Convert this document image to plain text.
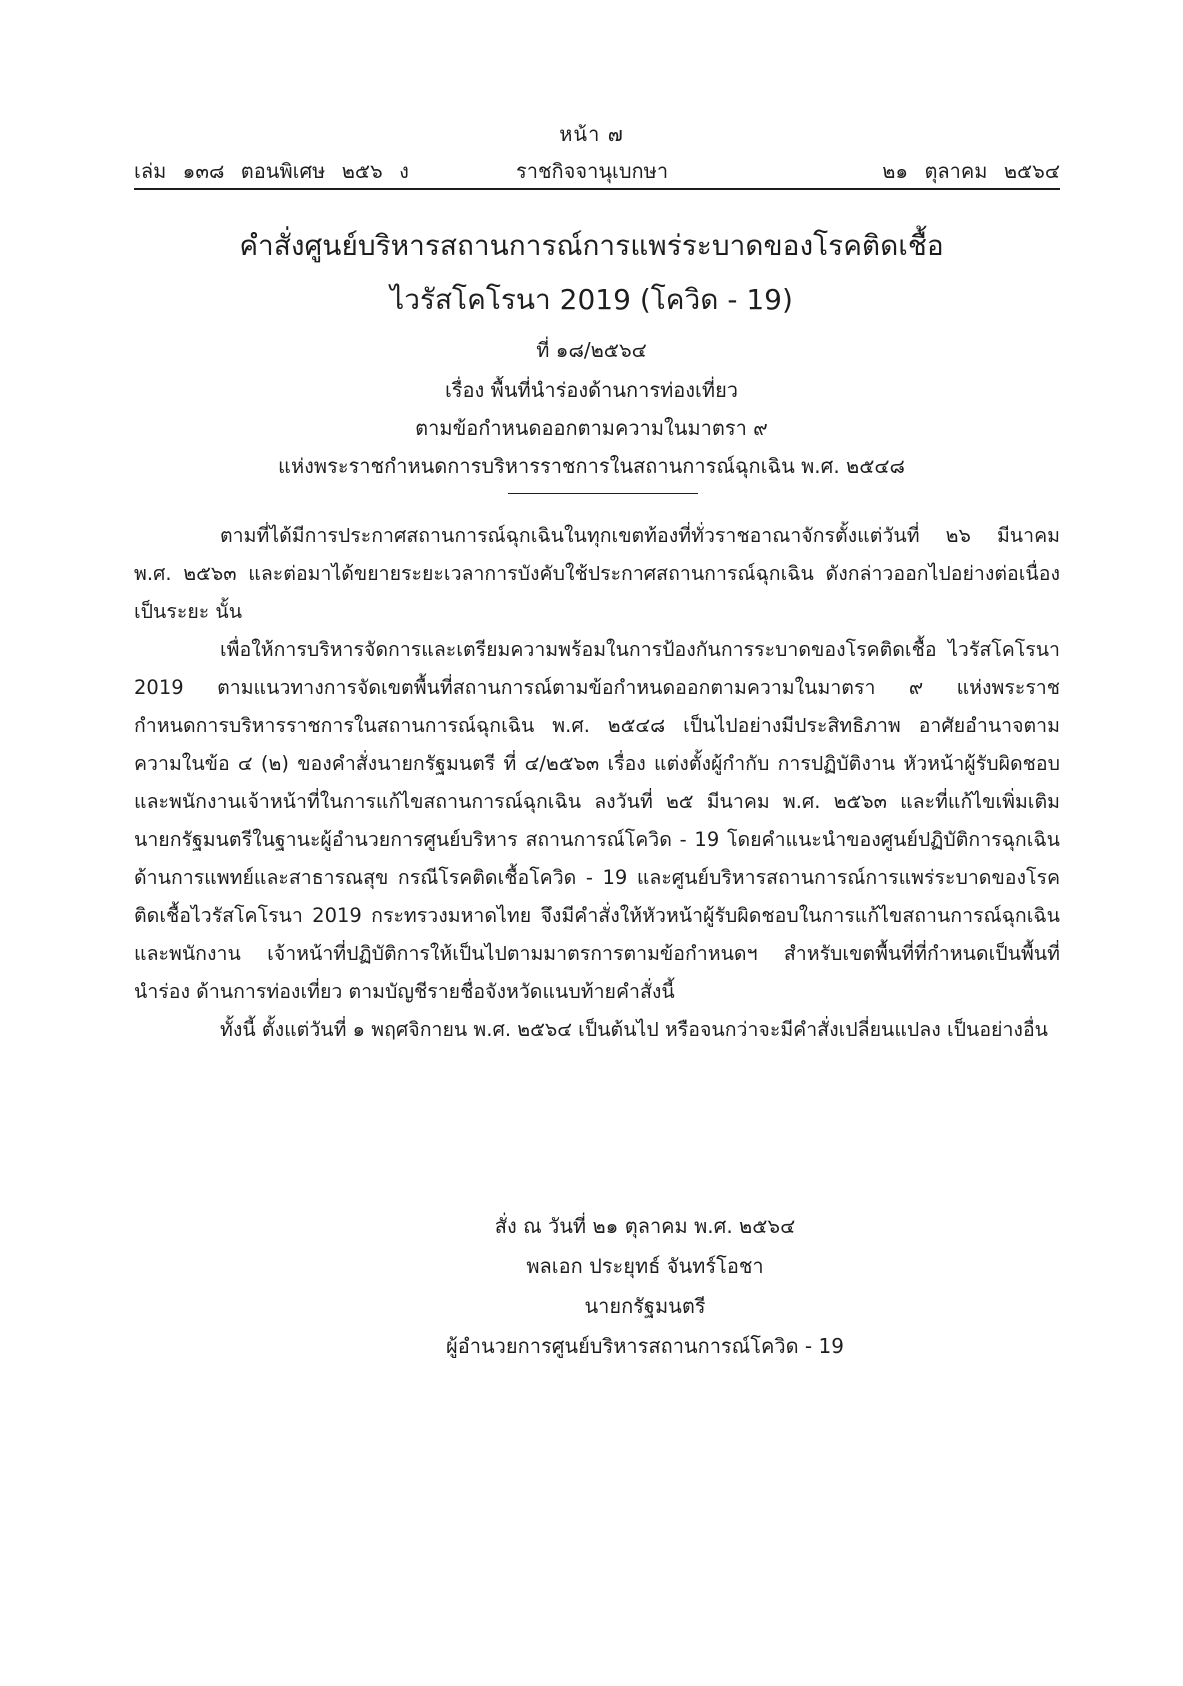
หน้า ๗
เล่ม ๑๓๘ ตอนพิเศษ ๒๕๖ ง	ราชกิจจานุเบกษา	๒๑ ตุลาคม ๒๕๖๔
คำสั่งศูนย์บริหารสถานการณ์การแพร่ระบาดของโรคติดเชื้อ
ไวรัสโคโรนา 2019 (โควิด - 19)
ที่ ๑๘/๒๕๖๔
เรื่อง พื้นที่นำร่องด้านการท่องเที่ยว
ตามข้อกำหนดออกตามความในมาตรา ๙
แห่งพระราชกำหนดการบริหารราชการในสถานการณ์ฉุกเฉิน พ.ศ. ๒๕๔๘

ตามที่ได้มีการประกาศสถานการณ์ฉุกเฉินในทุกเขตท้องที่ทั่วราชอาณาจักรตั้งแต่วันที่ ๒๖ มีนาคม พ.ศ. ๒๕๖๓ และต่อมาได้ขยายระยะเวลาการบังคับใช้ประกาศสถานการณ์ฉุกเฉิน ดังกล่าวออกไปอย่างต่อเนื่องเป็นระยะ นั้น

เพื่อให้การบริหารจัดการและเตรียมความพร้อมในการป้องกันการระบาดของโรคติดเชื้อ ไวรัสโคโรนา 2019 ตามแนวทางการจัดเขตพื้นที่สถานการณ์ตามข้อกำหนดออกตามความในมาตรา ๙ แห่งพระราชกำหนดการบริหารราชการในสถานการณ์ฉุกเฉิน พ.ศ. ๒๕๔๘ เป็นไปอย่างมีประสิทธิภาพ อาศัยอำนาจตามความในข้อ ๔ (๒) ของคำสั่งนายกรัฐมนตรี ที่ ๔/๒๕๖๓ เรื่อง แต่งตั้งผู้กำกับ การปฏิบัติงาน หัวหน้าผู้รับผิดชอบและพนักงานเจ้าหน้าที่ในการแก้ไขสถานการณ์ฉุกเฉิน ลงวันที่ ๒๕ มีนาคม พ.ศ. ๒๕๖๓ และที่แก้ไขเพิ่มเติม นายกรัฐมนตรีในฐานะผู้อำนวยการศูนย์บริหาร สถานการณ์โควิด - 19 โดยคำแนะนำของศูนย์ปฏิบัติการฉุกเฉินด้านการแพทย์และสาธารณสุข กรณีโรคติดเชื้อโควิด - 19 และศูนย์บริหารสถานการณ์การแพร่ระบาดของโรคติดเชื้อไวรัสโคโรนา 2019 กระทรวงมหาดไทย จึงมีคำสั่งให้หัวหน้าผู้รับผิดชอบในการแก้ไขสถานการณ์ฉุกเฉินและพนักงาน เจ้าหน้าที่ปฏิบัติการให้เป็นไปตามมาตรการตามข้อกำหนดฯ สำหรับเขตพื้นที่ที่กำหนดเป็นพื้นที่นำร่อง ด้านการท่องเที่ยว ตามบัญชีรายชื่อจังหวัดแนบท้ายคำสั่งนี้

ทั้งนี้ ตั้งแต่วันที่ ๑ พฤศจิกายน พ.ศ. ๒๕๖๔ เป็นต้นไป หรือจนกว่าจะมีคำสั่งเปลี่ยนแปลง เป็นอย่างอื่น

สั่ง ณ วันที่ ๒๑ ตุลาคม พ.ศ. ๒๕๖๔
พลเอก ประยุทธ์ จันทร์โอชา
นายกรัฐมนตรี
ผู้อำนวยการศูนย์บริหารสถานการณ์โควิด - 19
